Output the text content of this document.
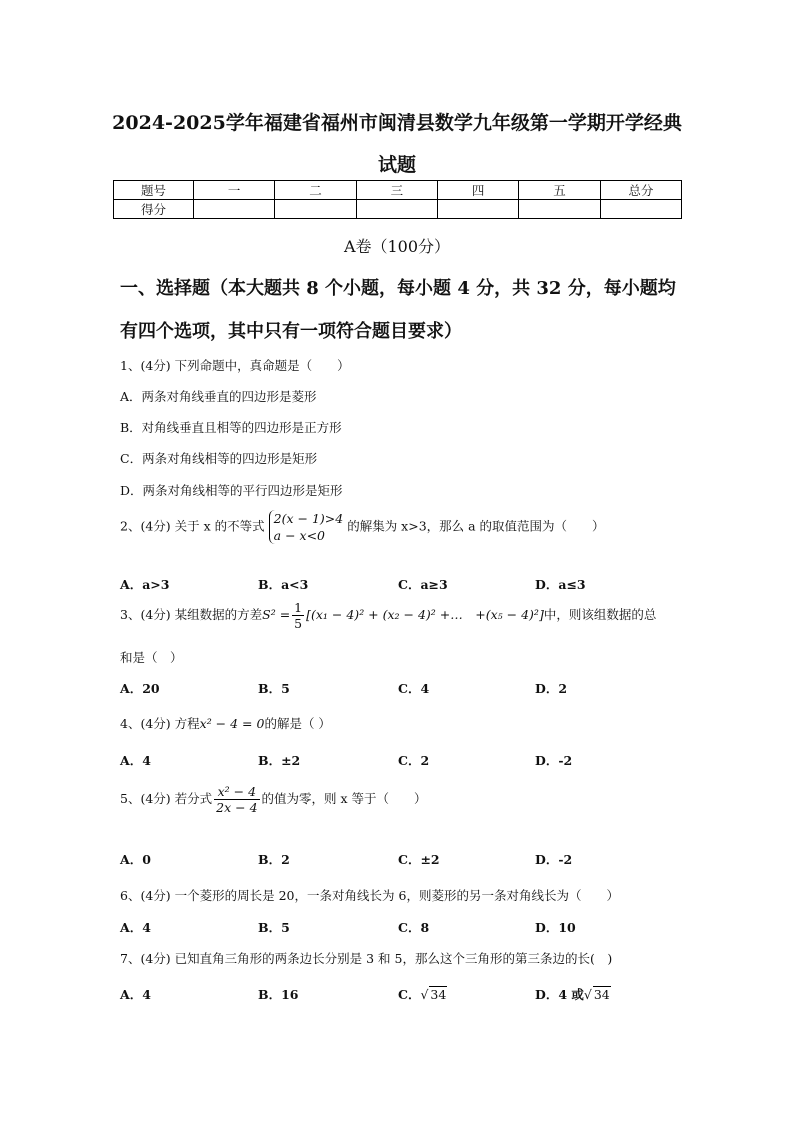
2024-2025学年福建省福州市闽清县数学九年级第一学期开学经典
试题
题号	一	二	三	四	五	总分
得分						
A卷（100分）
一、选择题（本大题共 8 个小题，每小题 4 分，共 32 分，每小题均
有四个选项，其中只有一项符合题目要求）
1、(4分) 下列命题中，真命题是（　　）
A．两条对角线垂直的四边形是菱形
B．对角线垂直且相等的四边形是正方形
C．两条对角线相等的四边形是矩形
D．两条对角线相等的平行四边形是矩形
2、(4分) 关于 x 的不等式 2(x − 1)>4
a − x<0
的解集为 x>3，那么 a 的取值范围为（　　）
A．a>3	B．a<3	C．a≥3	D．a≤3
3、(4分) 某组数据的方差$S^2 = \frac{1}{5} [(x_1 - 4)^2 + (x_2 - 4)^2$ +…　+(x₅ − 4)²]中，则该组数据的总
和是（　）
A．20	B．5	C．4	D．2
4、(4分) 方程x² − 4 = 0的解是（ ）
A．4	B．±2	C．2	D．-2
5、(4分) 若分式 $\frac{\text{x² − 4}}{2x - 4}$ 的值为零，则 x 等于（　　）
A．0	B．2	C．±2	D．-2
6、(4分) 一个菱形的周长是 20，一条对角线长为 6，则菱形的另一条对角线长为（　　）
A．4	B．5	C．8	D．10
7、(4分) 已知直角三角形的两条边长分别是 3 和 5，那么这个三角形的第三条边的长(　)
A．4	B．16	C．√ 34	D．4 或√ 34
